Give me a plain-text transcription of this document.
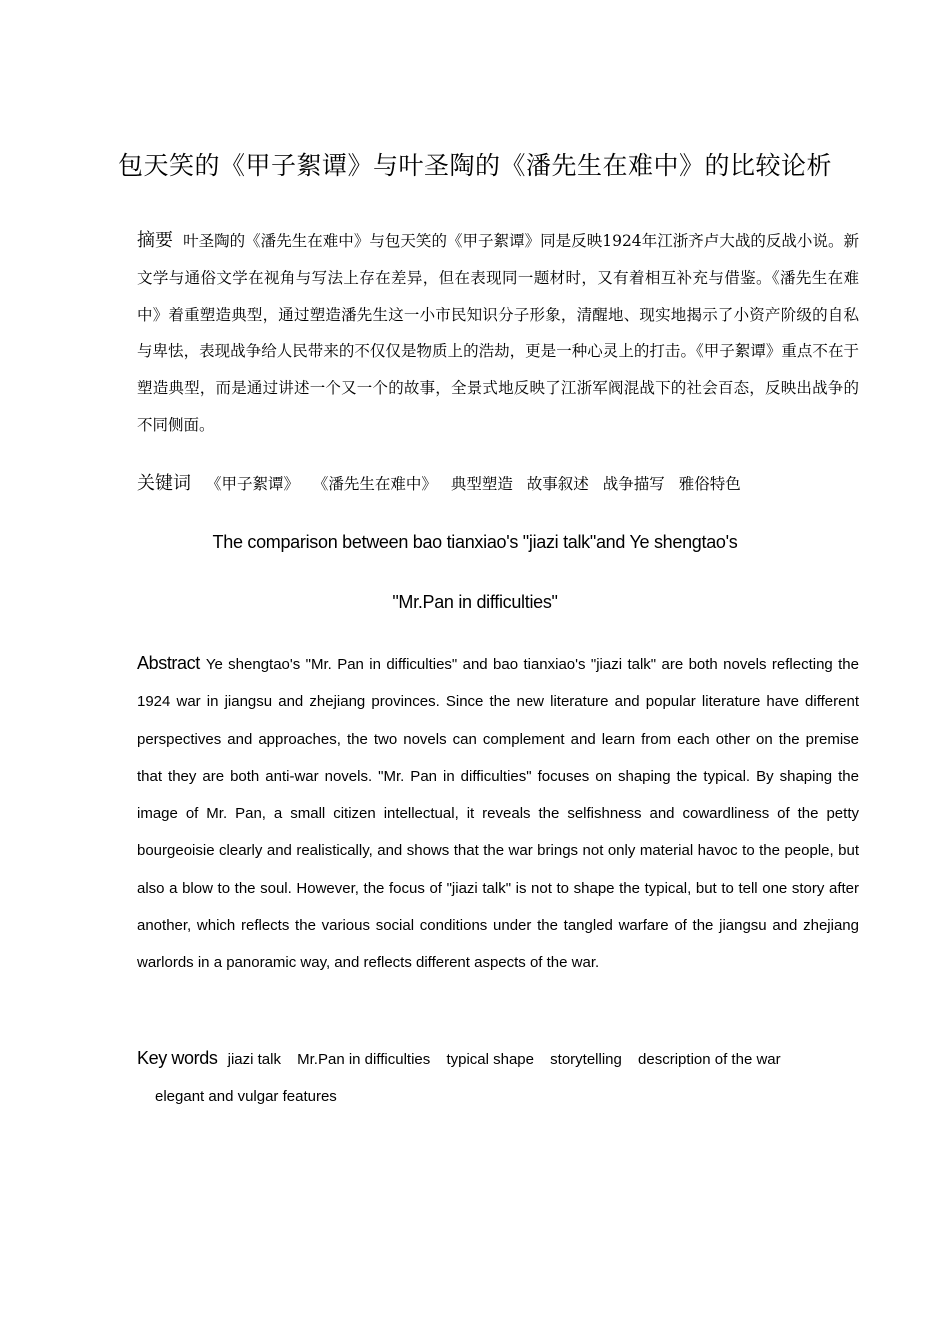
包天笑的《甲子絮谭》与叶圣陶的《潘先生在难中》的比较论析
摘要 叶圣陶的《潘先生在难中》与包天笑的《甲子絮谭》同是反映1924年江浙齐卢大战的反战小说。新文学与通俗文学在视角与写法上存在差异，但在表现同一题材时，又有着相互补充与借鉴。《潘先生在难中》着重塑造典型，通过塑造潘先生这一小市民知识分子形象，清醒地、现实地揭示了小资产阶级的自私与卑怯，表现战争给人民带来的不仅仅是物质上的浩劫，更是一种心灵上的打击。《甲子絮谭》重点不在于塑造典型，而是通过讲述一个又一个的故事，全景式地反映了江浙军阀混战下的社会百态，反映出战争的不同侧面。
关键词 《甲子絮谭》 《潘先生在难中》 典型塑造 故事叙述 战争描写 雅俗特色
The comparison between bao tianxiao's "jiazi talk"and Ye shengtao's
"Mr.Pan in difficulties"
Abstract Ye shengtao's "Mr. Pan in difficulties" and bao tianxiao's "jiazi talk" are both novels reflecting the 1924 war in jiangsu and zhejiang provinces. Since the new literature and popular literature have different perspectives and approaches, the two novels can complement and learn from each other on the premise that they are both anti-war novels. "Mr. Pan in difficulties" focuses on shaping the typical. By shaping the image of Mr. Pan, a small citizen intellectual, it reveals the selfishness and cowardliness of the petty bourgeoisie clearly and realistically, and shows that the war brings not only material havoc to the people, but also a blow to the soul. However, the focus of "jiazi talk" is not to shape the typical, but to tell one story after another, which reflects the various social conditions under the tangled warfare of the jiangsu and zhejiang warlords in a panoramic way, and reflects different aspects of the war.
Key words jiazi talk Mr.Pan in difficulties typical shape storytelling description of the war
elegant and vulgar features
